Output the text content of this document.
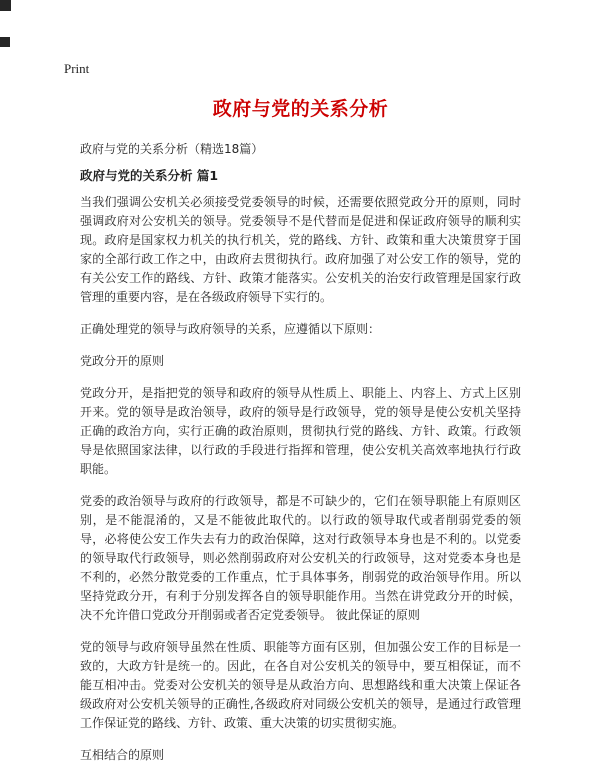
Print
政府与党的关系分析
政府与党的关系分析（精选18篇）
政府与党的关系分析 篇1

当我们强调公安机关必须接受党委领导的时候，还需要依照党政分开的原则，同时强调政府对公安机关的领导。党委领导不是代替而是促进和保证政府领导的顺利实现。政府是国家权力机关的执行机关，党的路线、方针、政策和重大决策贯穿于国家的全部行政工作之中，由政府去贯彻执行。政府加强了对公安工作的领导，党的有关公安工作的路线、方针、政策才能落实。公安机关的治安行政管理是国家行政管理的重要内容，是在各级政府领导下实行的。

正确处理党的领导与政府领导的关系，应遵循以下原则：

党政分开的原则

党政分开，是指把党的领导和政府的领导从性质上、职能上、内容上、方式上区别开来。党的领导是政治领导，政府的领导是行政领导，党的领导是使公安机关坚持正确的政治方向，实行正确的政治原则，贯彻执行党的路线、方针、政策。行政领导是依照国家法律，以行政的手段进行指挥和管理，使公安机关高效率地执行行政职能。

党委的政治领导与政府的行政领导，都是不可缺少的，它们在领导职能上有原则区别，是不能混淆的，又是不能彼此取代的。以行政的领导取代或者削弱党委的领导，必将使公安工作失去有力的政治保障，这对行政领导本身也是不利的。以党委的领导取代行政领导，则必然削弱政府对公安机关的行政领导，这对党委本身也是不利的，必然分散党委的工作重点，忙于具体事务，削弱党的政治领导作用。所以坚持党政分开，有利于分别发挥各自的领导职能作用。当然在讲党政分开的时候，决不允许借口党政分开削弱或者否定党委领导。 彼此保证的原则

党的领导与政府领导虽然在性质、职能等方面有区别，但加强公安工作的目标是一致的，大政方针是统一的。因此，在各自对公安机关的领导中，要互相保证，而不能互相冲击。党委对公安机关的领导是从政治方向、思想路线和重大决策上保证各级政府对公安机关领导的正确性,各级政府对同级公安机关的领导，是通过行政管理工作保证党的路线、方针、政策、重大决策的切实贯彻实施。

互相结合的原则
